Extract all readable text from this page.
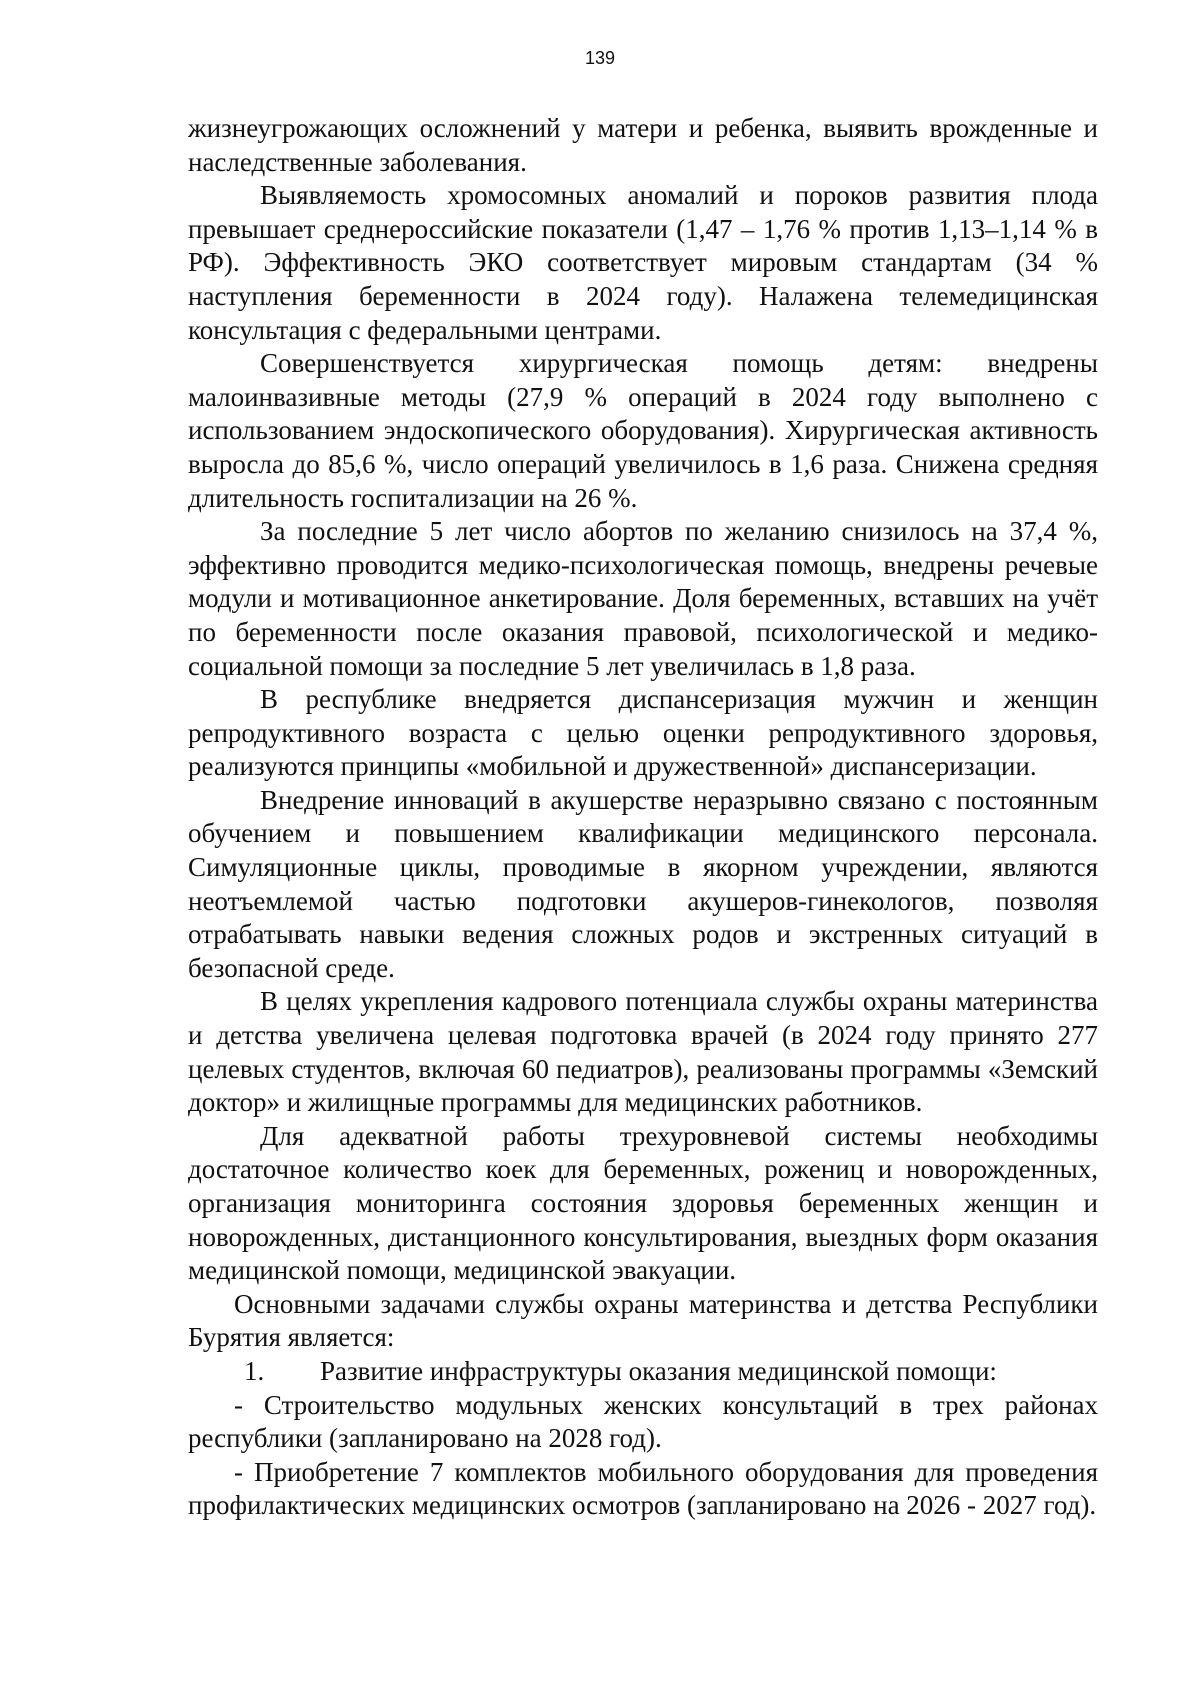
139

жизнеугрожающих осложнений у матери и ребенка, выявить врожденные и наследственные заболевания.

Выявляемость хромосомных аномалий и пороков развития плода превышает среднероссийские показатели (1,47 – 1,76 % против 1,13–1,14 % в РФ). Эффективность ЭКО соответствует мировым стандартам (34 % наступления беременности в 2024 году). Налажена телемедицинская консультация с федеральными центрами.

Совершенствуется хирургическая помощь детям: внедрены малоинвазивные методы (27,9 % операций в 2024 году выполнено с использованием эндоскопического оборудования). Хирургическая активность выросла до 85,6 %, число операций увеличилось в 1,6 раза. Снижена средняя длительность госпитализации на 26 %.

За последние 5 лет число абортов по желанию снизилось на 37,4 %, эффективно проводится медико-психологическая помощь, внедрены речевые модули и мотивационное анкетирование. Доля беременных, вставших на учёт по беременности после оказания правовой, психологической и медико-социальной помощи за последние 5 лет увеличилась в 1,8 раза.

В республике внедряется диспансеризация мужчин и женщин репродуктивного возраста с целью оценки репродуктивного здоровья, реализуются принципы «мобильной и дружественной» диспансеризации.

Внедрение инноваций в акушерстве неразрывно связано с постоянным обучением и повышением квалификации медицинского персонала. Симуляционные циклы, проводимые в якорном учреждении, являются неотъемлемой частью подготовки акушеров-гинекологов, позволяя отрабатывать навыки ведения сложных родов и экстренных ситуаций в безопасной среде.

В целях укрепления кадрового потенциала службы охраны материнства и детства увеличена целевая подготовка врачей (в 2024 году принято 277 целевых студентов, включая 60 педиатров), реализованы программы «Земский доктор» и жилищные программы для медицинских работников.

Для адекватной работы трехуровневой системы необходимы достаточное количество коек для беременных, рожениц и новорожденных, организация мониторинга состояния здоровья беременных женщин и новорожденных, дистанционного консультирования, выездных форм оказания медицинской помощи, медицинской эвакуации.

Основными задачами службы охраны материнства и детства Республики Бурятия является:

1. Развитие инфраструктуры оказания медицинской помощи:

- Строительство модульных женских консультаций в трех районах республики (запланировано на 2028 год).

- Приобретение 7 комплектов мобильного оборудования для проведения профилактических медицинских осмотров (запланировано на 2026 - 2027 год).
